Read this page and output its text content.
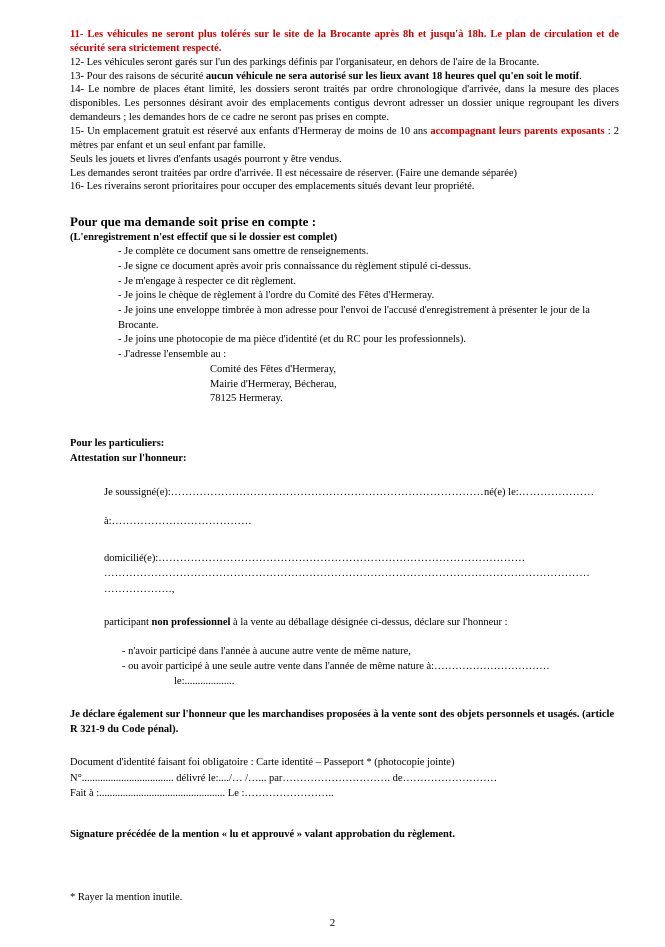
11- Les véhicules ne seront plus tolérés sur le site de la Brocante après 8h et jusqu'à 18h. Le plan de circulation et de sécurité sera strictement respecté.

12- Les véhicules seront garés sur l'un des parkings définis par l'organisateur, en dehors de l'aire de la Brocante.

13- Pour des raisons de sécurité aucun véhicule ne sera autorisé sur les lieux avant 18 heures quel qu'en soit le motif.

14- Le nombre de places étant limité, les dossiers seront traités par ordre chronologique d'arrivée, dans la mesure des places disponibles. Les personnes désirant avoir des emplacements contigus devront adresser un dossier unique regroupant les divers demandeurs ; les demandes hors de ce cadre ne seront pas prises en compte.

15- Un emplacement gratuit est réservé aux enfants d'Hermeray de moins de 10 ans accompagnant leurs parents exposants : 2 mètres par enfant et un seul enfant par famille.

Seuls les jouets et livres d'enfants usagés pourront y être vendus.

Les demandes seront traitées par ordre d'arrivée. Il est nécessaire de réserver. (Faire une demande séparée)

16- Les riverains seront prioritaires pour occuper des emplacements situés devant leur propriété.

Pour que ma demande soit prise en compte :

(L'enregistrement n'est effectif que si le dossier est complet)

- Je complète ce document sans omettre de renseignements.
- Je signe ce document après avoir pris connaissance du règlement stipulé ci-dessus.
- Je m'engage à respecter ce dit règlement.
- Je joins le chèque de règlement à l'ordre du Comité des Fêtes d'Hermeray.
- Je joins une enveloppe timbrée à mon adresse pour l'envoi de l'accusé d'enregistrement à présenter le jour de la Brocante.
- Je joins une photocopie de ma pièce d'identité (et du RC pour les professionnels).
- J'adresse l'ensemble au :
Comité des Fêtes d'Hermeray,
Mairie d'Hermeray, Bécherau,
78125 Hermeray.

Pour les particuliers:

Attestation sur l'honneur:

Je soussigné(e):……………………………………………………………………………né(e) le:…………………

à:…………………………………

domicilié(e):…………………………………………………………………………………………

………………………………………………………………………………………………………………………

……………….,

participant non professionnel à la vente au déballage désignée ci-dessus, déclare sur l'honneur :

- n'avoir participé dans l'année à aucune autre vente de même nature,

- ou avoir participé à une seule autre vente dans l'année de même nature à:……………………………

le:...................

Je déclare également sur l'honneur que les marchandises proposées à la vente sont des objets personnels et usagés. (article R 321-9 du Code pénal).

Document d'identité faisant foi obligatoire : Carte identité – Passeport * (photocopie jointe)

N°................................... délivré le:..../… /…... par…………………………. de………………………

Fait à :................................................ Le :……………………..

Signature précédée de la mention « lu et approuvé » valant approbation du règlement.

* Rayer la mention inutile.
2
